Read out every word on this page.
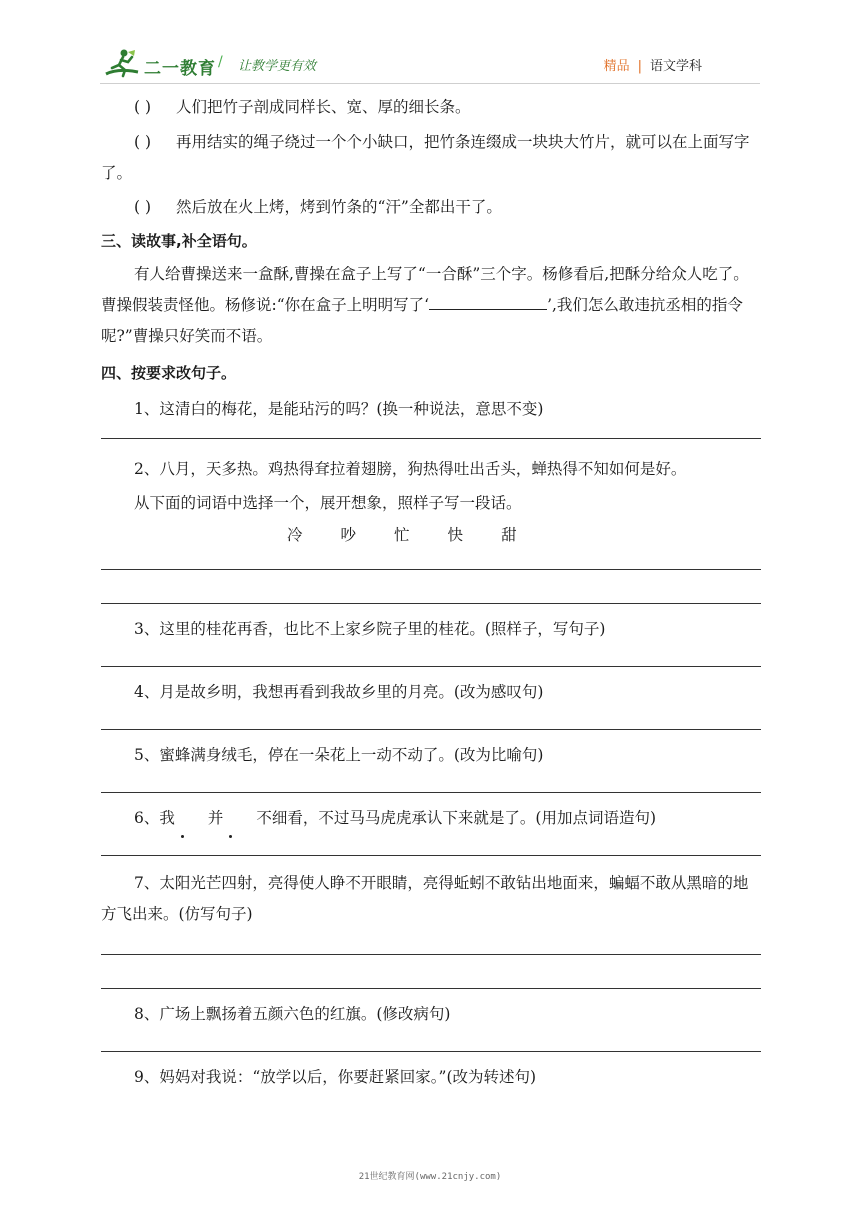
二一教育 / 让教学更有效	精品 | 语文学科

( ) 人们把竹子剖成同样长、宽、厚的细长条。

( ) 再用结实的绳子绕过一个个小缺口，把竹条连缀成一块块大竹片，就可以在上面写字了。

( ) 然后放在火上烤，烤到竹条的“汗”全都出干了。

三、读故事,补全语句。

有人给曹操送来一盒酥,曹操在盒子上写了“一合酥”三个字。杨修看后,把酥分给众人吃了。曹操假装责怪他。杨修说:“你在盒子上明明写了‘	’,我们怎么敢违抗丞相的指令呢?”曹操只好笑而不语。

四、按要求改句子。

1、这清白的梅花，是能玷污的吗？(换一种说法，意思不变)

2、八月，天多热。鸡热得耷拉着翅膀，狗热得吐出舌头，蝉热得不知如何是好。

从下面的词语中选择一个，展开想象，照样子写一段话。

冷 吵 忙 快 甜

3、这里的桂花再香，也比不上家乡院子里的桂花。(照样子，写句子)

4、月是故乡明，我想再看到我故乡里的月亮。(改为感叹句)

5、蜜蜂满身绒毛，停在一朵花上一动不动了。(改为比喻句)

6、我 并 不细看，不过马马虎虎承认下来就是了。(用加点词语造句)

7、太阳光芒四射，亮得使人睁不开眼睛，亮得蚯蚓不敢钻出地面来，蝙蝠不敢从黑暗的地方飞出来。(仿写句子)

8、广场上飘扬着五颜六色的红旗。(修改病句)

9、妈妈对我说：“放学以后，你要赶紧回家。”(改为转述句)

21世纪教育网(www.21cnjy.com)
